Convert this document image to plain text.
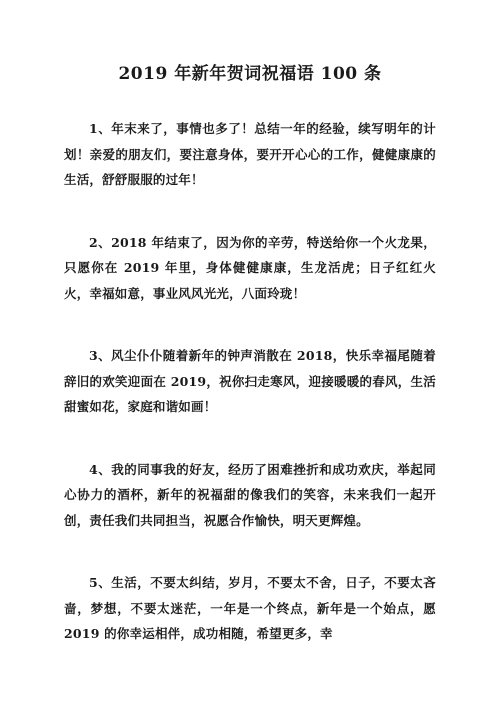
2019 年新年贺词祝福语 100 条

1、年末来了，事情也多了！总结一年的经验，续写明年的计划！亲爱的朋友们，要注意身体，要开开心心的工作，健健康康的生活，舒舒服服的过年！

2、2018 年结束了，因为你的辛劳，特送给你一个火龙果，只愿你在 2019 年里，身体健健康康，生龙活虎；日子红红火火，幸福如意，事业风风光光，八面玲珑！

3、风尘仆仆随着新年的钟声消散在 2018，快乐幸福尾随着辞旧的欢笑迎面在 2019，祝你扫走寒风，迎接暖暖的春风，生活甜蜜如花，家庭和谐如画！

4、我的同事我的好友，经历了困难挫折和成功欢庆，举起同心协力的酒杯，新年的祝福甜的像我们的笑容，未来我们一起开创，责任我们共同担当，祝愿合作愉快，明天更辉煌。

5、生活，不要太纠结，岁月，不要太不舍，日子，不要太吝啬，梦想，不要太迷茫，一年是一个终点，新年是一个始点，愿 2019 的你幸运相伴，成功相随，希望更多，幸
